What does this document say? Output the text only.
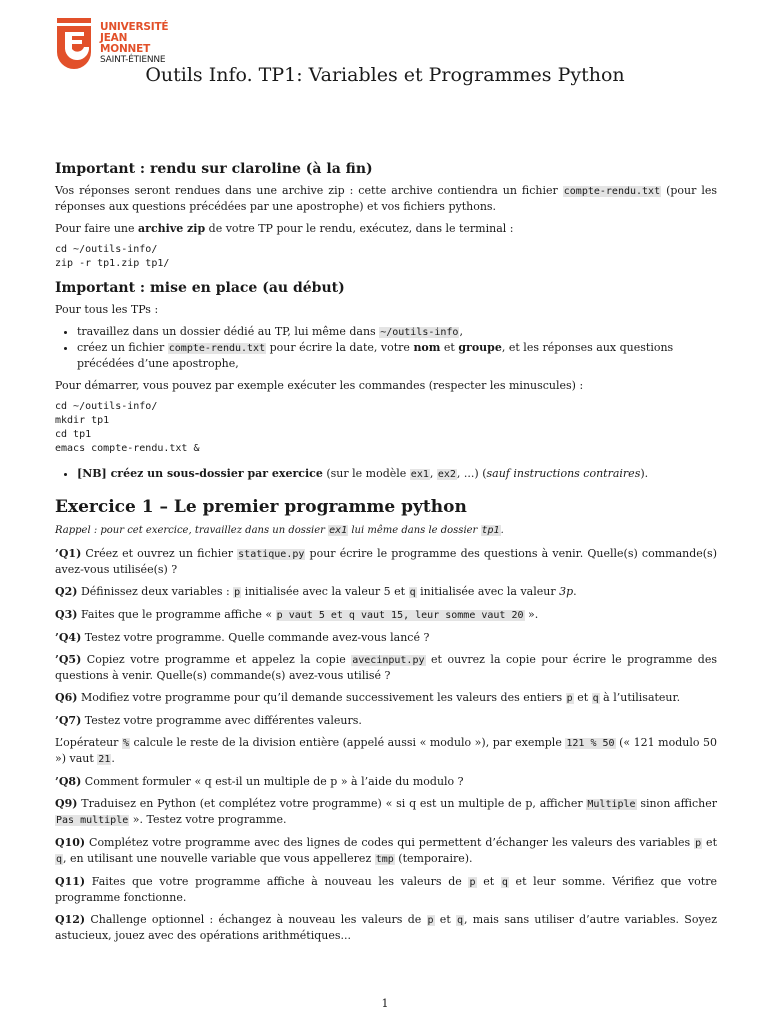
UNIVERSITÉ
JEAN MONNET
SAINT-ÉTIENNE
Outils Info. TP1: Variables et Programmes Python
Important : rendu sur claroline (à la fin)

Vos réponses seront rendues dans une archive zip : cette archive contiendra un fichier compte-rendu.txt (pour les réponses aux questions précédées par une apostrophe) et vos fichiers pythons.

Pour faire une archive zip de votre TP pour le rendu, exécutez, dans le terminal :

cd ~/outils-info/
zip -r tp1.zip tp1/
Important : mise en place (au début)

Pour tous les TPs :

• travaillez dans un dossier dédié au TP, lui même dans ~/outils-info,
• créez un fichier compte-rendu.txt pour écrire la date, votre nom et groupe, et les réponses aux questions précédées d’une apostrophe,

Pour démarrer, vous pouvez par exemple exécuter les commandes (respecter les minuscules) :

cd ~/outils-info/
mkdir tp1
cd tp1
emacs compte-rendu.txt &
• [NB] créez un sous-dossier par exercice (sur le modèle ex1, ex2, ...) (sauf instructions contraires).
Exercice 1 – Le premier programme python
Rappel : pour cet exercice, travaillez dans un dossier ex1 lui même dans le dossier tp1.

’Q1) Créez et ouvrez un fichier statique.py pour écrire le programme des questions à venir. Quelle(s) commande(s) avez-vous utilisée(s) ?

Q2) Définissez deux variables : p initialisée avec la valeur 5 et q initialisée avec la valeur 3p.

Q3) Faites que le programme affiche « p vaut 5 et q vaut 15, leur somme vaut 20 ».

’Q4) Testez votre programme. Quelle commande avez-vous lancé ?

’Q5) Copiez votre programme et appelez la copie avecinput.py et ouvrez la copie pour écrire le programme des questions à venir. Quelle(s) commande(s) avez-vous utilisé ?

Q6) Modifiez votre programme pour qu’il demande successivement les valeurs des entiers p et q à l’utilisateur.

’Q7) Testez votre programme avec différentes valeurs.

L’opérateur % calcule le reste de la division entière (appelé aussi « modulo »), par exemple 121 % 50 (« 121 modulo 50 ») vaut 21.

’Q8) Comment formuler « q est-il un multiple de p » à l’aide du modulo ?

Q9) Traduisez en Python (et complétez votre programme) « si q est un multiple de p, afficher Multiple sinon afficher Pas multiple ». Testez votre programme.

Q10) Complétez votre programme avec des lignes de codes qui permettent d’échanger les valeurs des variables p et q, en utilisant une nouvelle variable que vous appellerez tmp (temporaire).

Q11) Faites que votre programme affiche à nouveau les valeurs de p et q et leur somme. Vérifiez que votre programme fonctionne.

Q12) Challenge optionnel : échangez à nouveau les valeurs de p et q, mais sans utiliser d’autre variables. Soyez astucieux, jouez avec des opérations arithmétiques...

1
